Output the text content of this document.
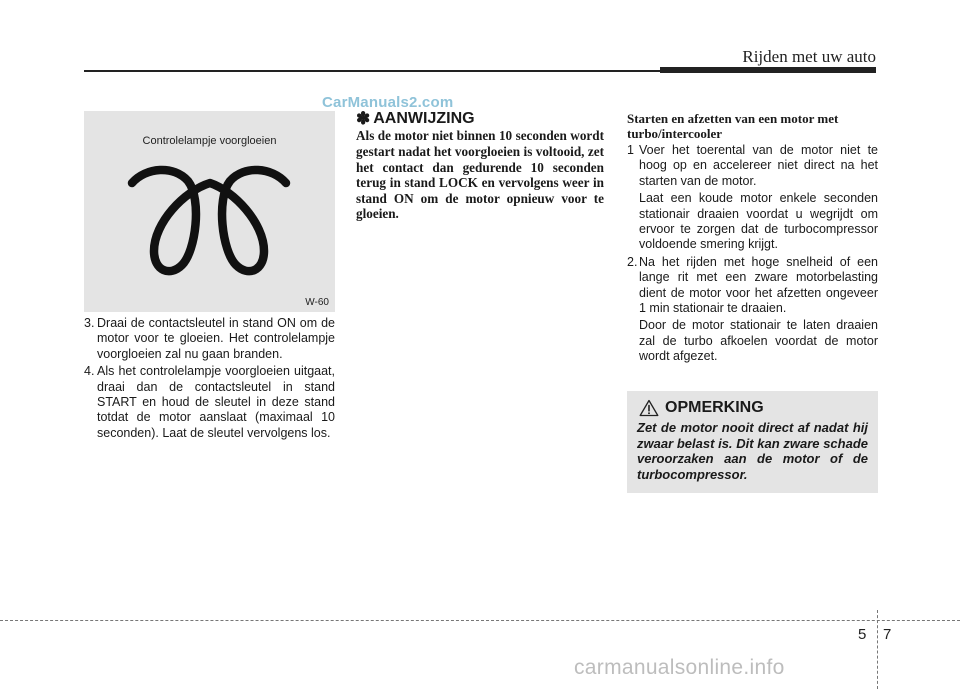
Rijden met uw auto
CarManuals2.com
Controlelampje voorgloeien
W-60
3. Draai de contactsleutel in stand ON om de motor voor te gloeien. Het controlelampje voorgloeien zal nu gaan branden.
4. Als het controlelampje voorgloeien uitgaat, draai dan de contactsleutel in stand START en houd de sleutel in deze stand totdat de motor aanslaat (maximaal 10 seconden). Laat de sleutel vervolgens los.
✽ AANWIJZING
Als de motor niet binnen 10 seconden wordt gestart nadat het voorgloeien is voltooid, zet het contact dan gedurende 10 seconden terug in stand LOCK en vervolgens weer in stand ON om de motor opnieuw voor te gloeien.
Starten en afzetten van een motor met turbo/intercooler
1 Voer het toerental van de motor niet te hoog op en accelereer niet direct na het starten van de motor.
Laat een koude motor enkele seconden stationair draaien voordat u wegrijdt om ervoor te zorgen dat de turbocompressor voldoende smering krijgt.
2. Na het rijden met hoge snelheid of een lange rit met een zware motorbelasting dient de motor voor het afzetten ongeveer 1 min stationair te draaien.
Door de motor stationair te laten draaien zal de turbo afkoelen voordat de motor wordt afgezet.
OPMERKING
Zet de motor nooit direct af nadat hij zwaar belast is. Dit kan zware schade veroorzaken aan de motor of de turbocompressor.
5 7
carmanualsonline.info
